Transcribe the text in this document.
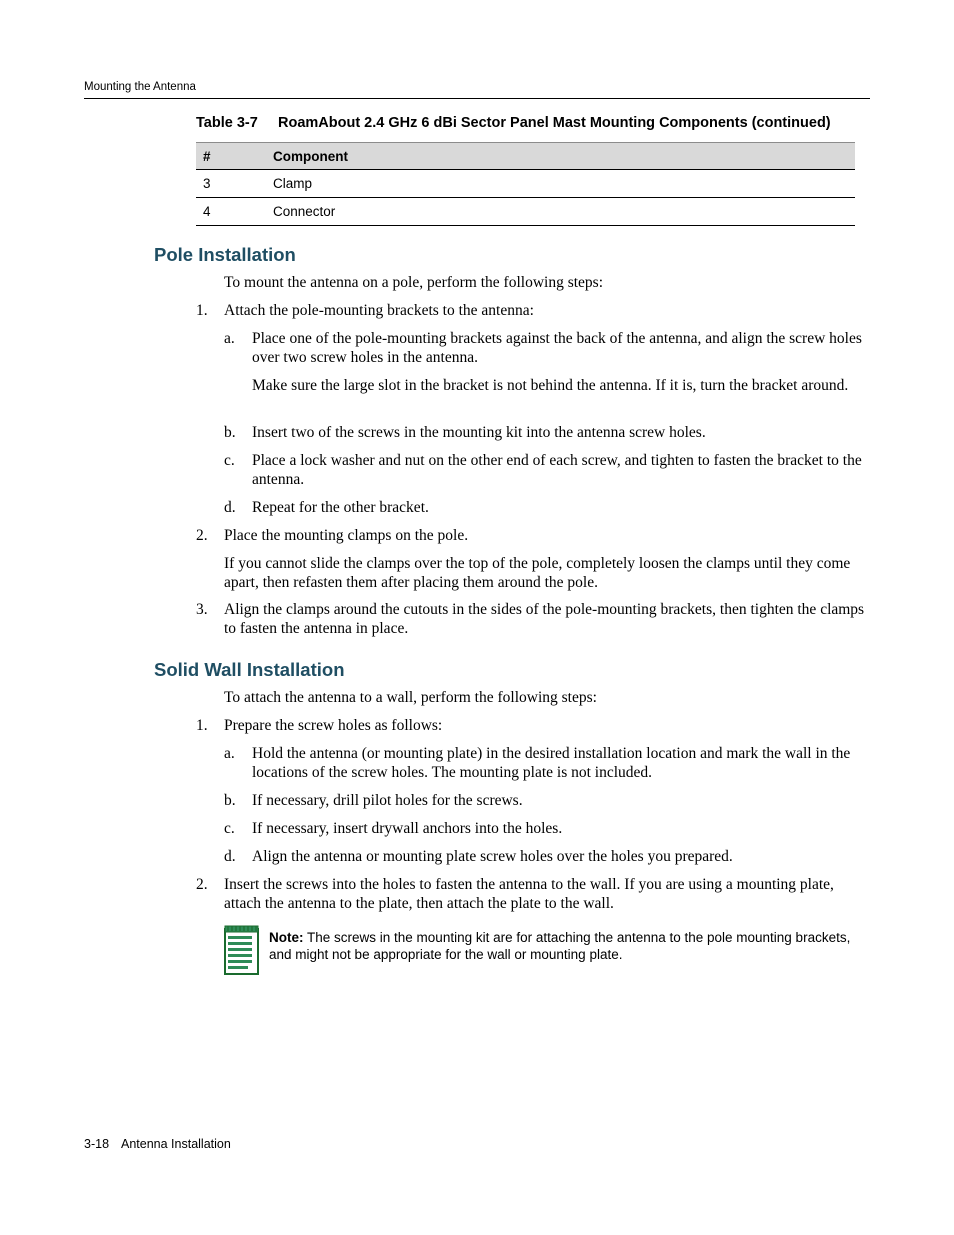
Mounting the Antenna
Table 3-7 RoamAbout 2.4 GHz 6 dBi Sector Panel Mast Mounting Components (continued)
#	Component
3	Clamp
4	Connector
Pole Installation
To mount the antenna on a pole, perform the following steps:
1. Attach the pole-mounting brackets to the antenna:
a. Place one of the pole-mounting brackets against the back of the antenna, and align the screw holes over two screw holes in the antenna.
Make sure the large slot in the bracket is not behind the antenna. If it is, turn the bracket around.
b. Insert two of the screws in the mounting kit into the antenna screw holes.
c. Place a lock washer and nut on the other end of each screw, and tighten to fasten the bracket to the antenna.
d. Repeat for the other bracket.
2. Place the mounting clamps on the pole.
If you cannot slide the clamps over the top of the pole, completely loosen the clamps until they come apart, then refasten them after placing them around the pole.
3. Align the clamps around the cutouts in the sides of the pole-mounting brackets, then tighten the clamps to fasten the antenna in place.
Solid Wall Installation
To attach the antenna to a wall, perform the following steps:
1. Prepare the screw holes as follows:
a. Hold the antenna (or mounting plate) in the desired installation location and mark the wall in the locations of the screw holes. The mounting plate is not included.
b. If necessary, drill pilot holes for the screws.
c. If necessary, insert drywall anchors into the holes.
d. Align the antenna or mounting plate screw holes over the holes you prepared.
2. Insert the screws into the holes to fasten the antenna to the wall. If you are using a mounting plate, attach the antenna to the plate, then attach the plate to the wall.
Note: The screws in the mounting kit are for attaching the antenna to the pole mounting brackets, and might not be appropriate for the wall or mounting plate.
3-18 Antenna Installation
